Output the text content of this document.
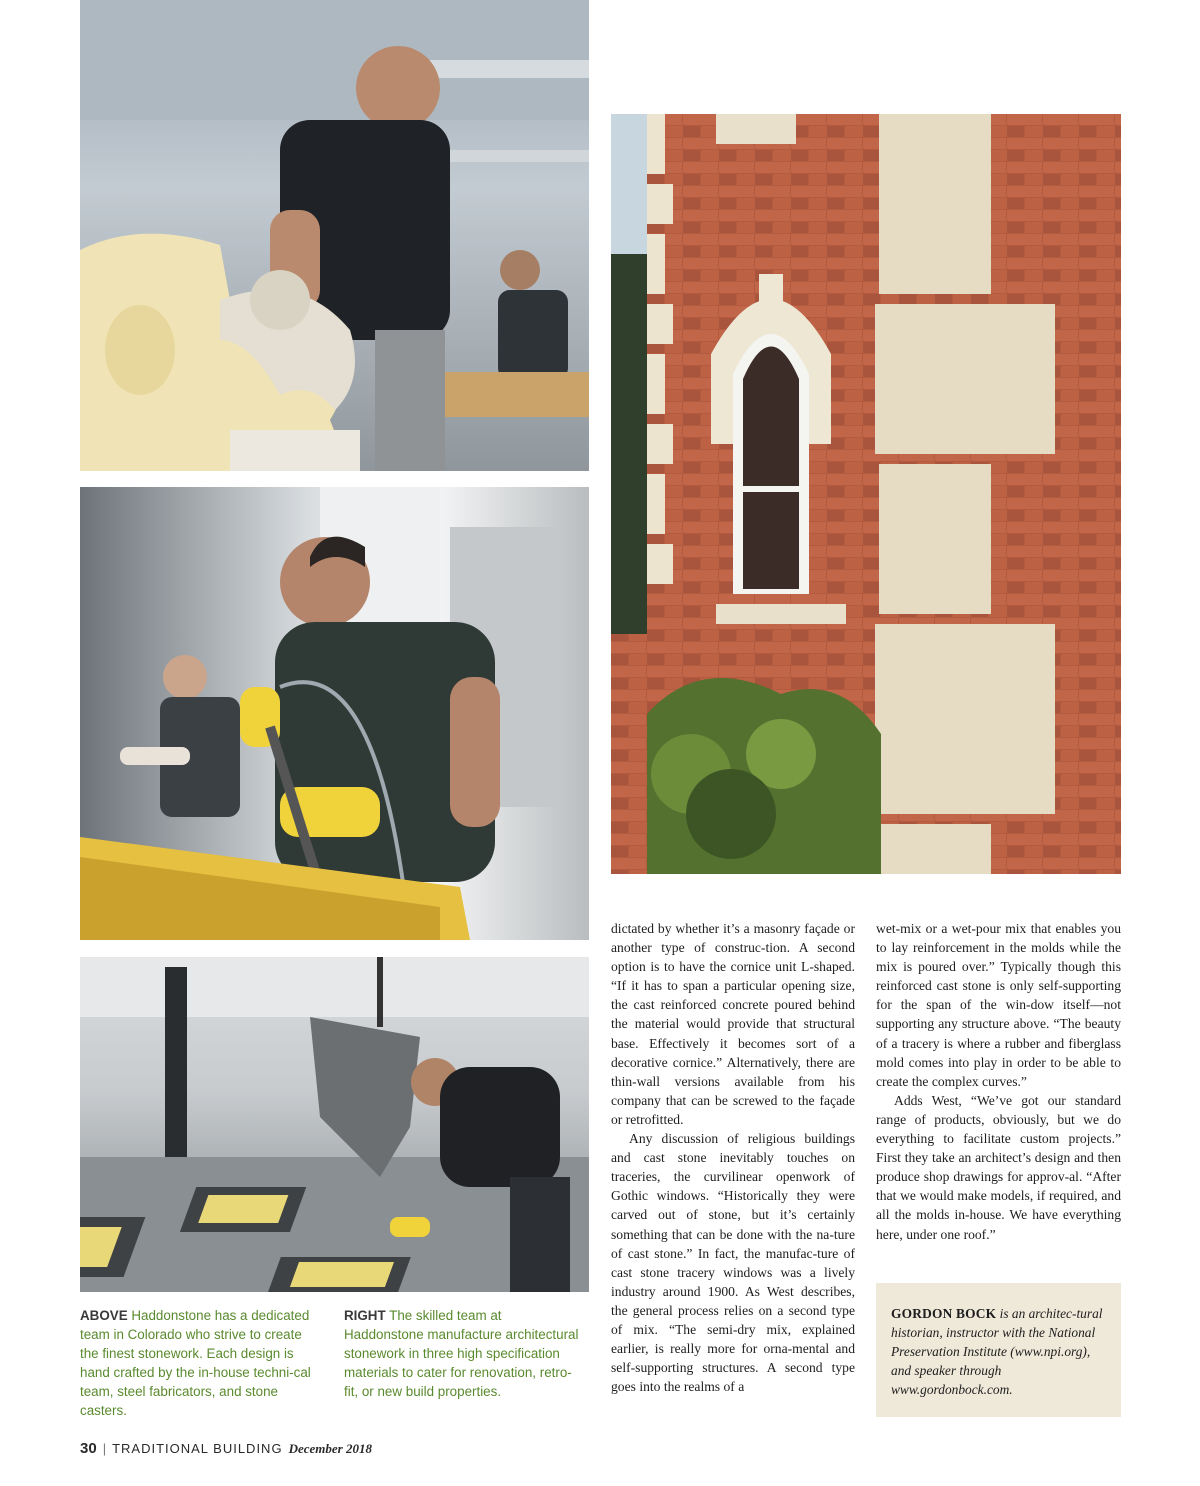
ABOVE Haddonstone has a dedicated team in Colorado who strive to create the finest stonework. Each design is hand crafted by the in-house techni-cal team, steel fabricators, and stone casters.
RIGHT The skilled team at Haddonstone manufacture architectural stonework in three high specification materials to cater for renovation, retro-fit, or new build properties.

dictated by whether it’s a masonry façade or another type of construc-tion. A second option is to have the cornice unit L-shaped. “If it has to span a particular opening size, the cast reinforced concrete poured behind the material would provide that structural base. Effectively it becomes sort of a decorative cornice.” Alternatively, there are thin-wall versions available from his company that can be screwed to the façade or retrofitted.

Any discussion of religious buildings and cast stone inevitably touches on traceries, the curvilinear openwork of Gothic windows. “Historically they were carved out of stone, but it’s certainly something that can be done with the na-ture of cast stone.” In fact, the manufac-ture of cast stone tracery windows was a lively industry around 1900. As West describes, the general process relies on a second type of mix. “The semi-dry mix, explained earlier, is really more for orna-mental and self-supporting structures. A second type goes into the realms of a

wet-mix or a wet-pour mix that enables you to lay reinforcement in the molds while the mix is poured over.” Typically though this reinforced cast stone is only self-supporting for the span of the win-dow itself—not supporting any structure above. “The beauty of a tracery is where a rubber and fiberglass mold comes into play in order to be able to create the complex curves.”

Adds West, “We’ve got our standard range of products, obviously, but we do everything to facilitate custom projects.” First they take an architect’s design and then produce shop drawings for approv-al. “After that we would make models, if required, and all the molds in-house. We have everything here, under one roof.”

GORDON BOCK is an architec-tural historian, instructor with the National Preservation Institute (www.npi.org), and speaker through www.gordonbock.com.
30 | TRADITIONAL BUILDING December 2018
